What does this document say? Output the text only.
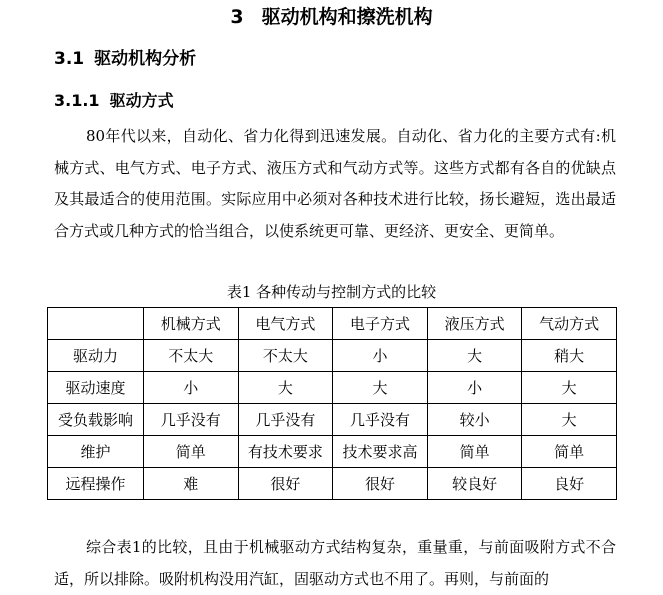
3 驱动机构和擦洗机构
3.1 驱动机构分析
3.1.1 驱动方式

80年代以来，自动化、省力化得到迅速发展。自动化、省力化的主要方式有:机械方式、电气方式、电子方式、液压方式和气动方式等。这些方式都有各自的优缺点及其最适合的使用范围。实际应用中必须对各种技术进行比较，扬长避短，选出最适合方式或几种方式的恰当组合，以使系统更可靠、更经济、更安全、更简单。

表1 各种传动与控制方式的比较
	机械方式	电气方式	电子方式	液压方式	气动方式
驱动力	不太大	不太大	小	大	稍大
驱动速度	小	大	大	小	大
受负载影响	几乎没有	几乎没有	几乎没有	较小	大
维护	简单	有技术要求	技术要求高	简单	简单
远程操作	难	很好	很好	较良好	良好

综合表1的比较，且由于机械驱动方式结构复杂，重量重，与前面吸附方式不合适，所以排除。吸附机构没用汽缸，固驱动方式也不用了。再则，与前面的
